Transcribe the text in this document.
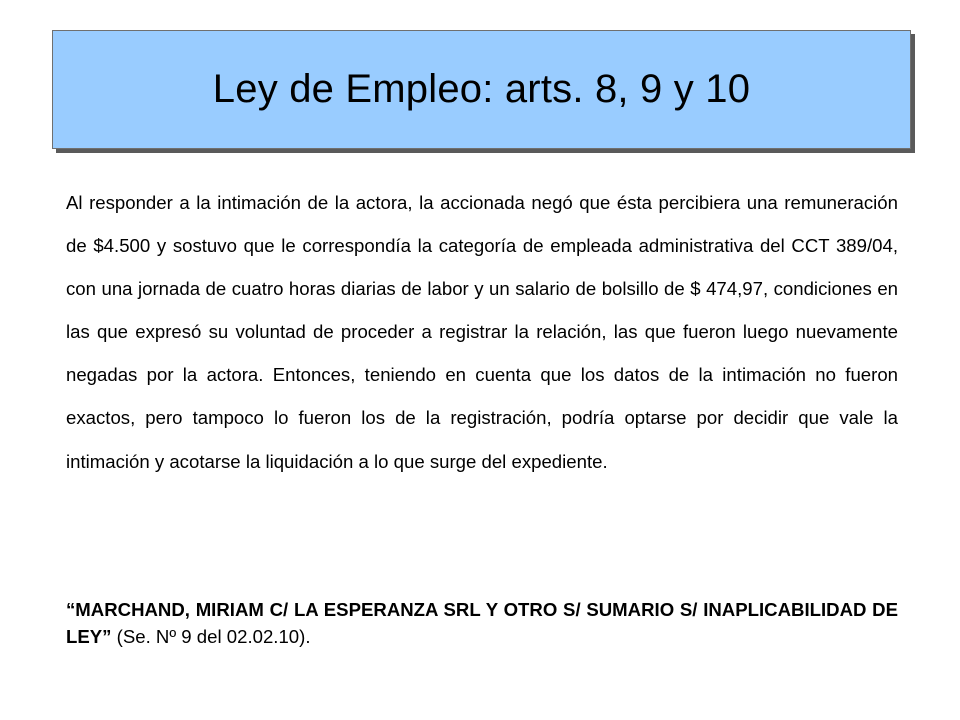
Ley de Empleo: arts. 8, 9 y 10

Al responder a la intimación de la actora, la accionada negó que ésta percibiera una remuneración de $4.500 y sostuvo que le correspondía la categoría de empleada administrativa del CCT 389/04, con una jornada de cuatro horas diarias de labor y un salario de bolsillo de $ 474,97, condiciones en las que expresó su voluntad de proceder a registrar la relación, las que fueron luego nuevamente negadas por la actora. Entonces, teniendo en cuenta que los datos de la intimación no fueron exactos, pero tampoco lo fueron los de la registración, podría optarse por decidir que vale la intimación y acotarse la liquidación a lo que surge del expediente.

“MARCHAND, MIRIAM C/ LA ESPERANZA SRL Y OTRO S/ SUMARIO S/ INAPLICABILIDAD DE LEY” (Se. Nº 9 del 02.02.10).
